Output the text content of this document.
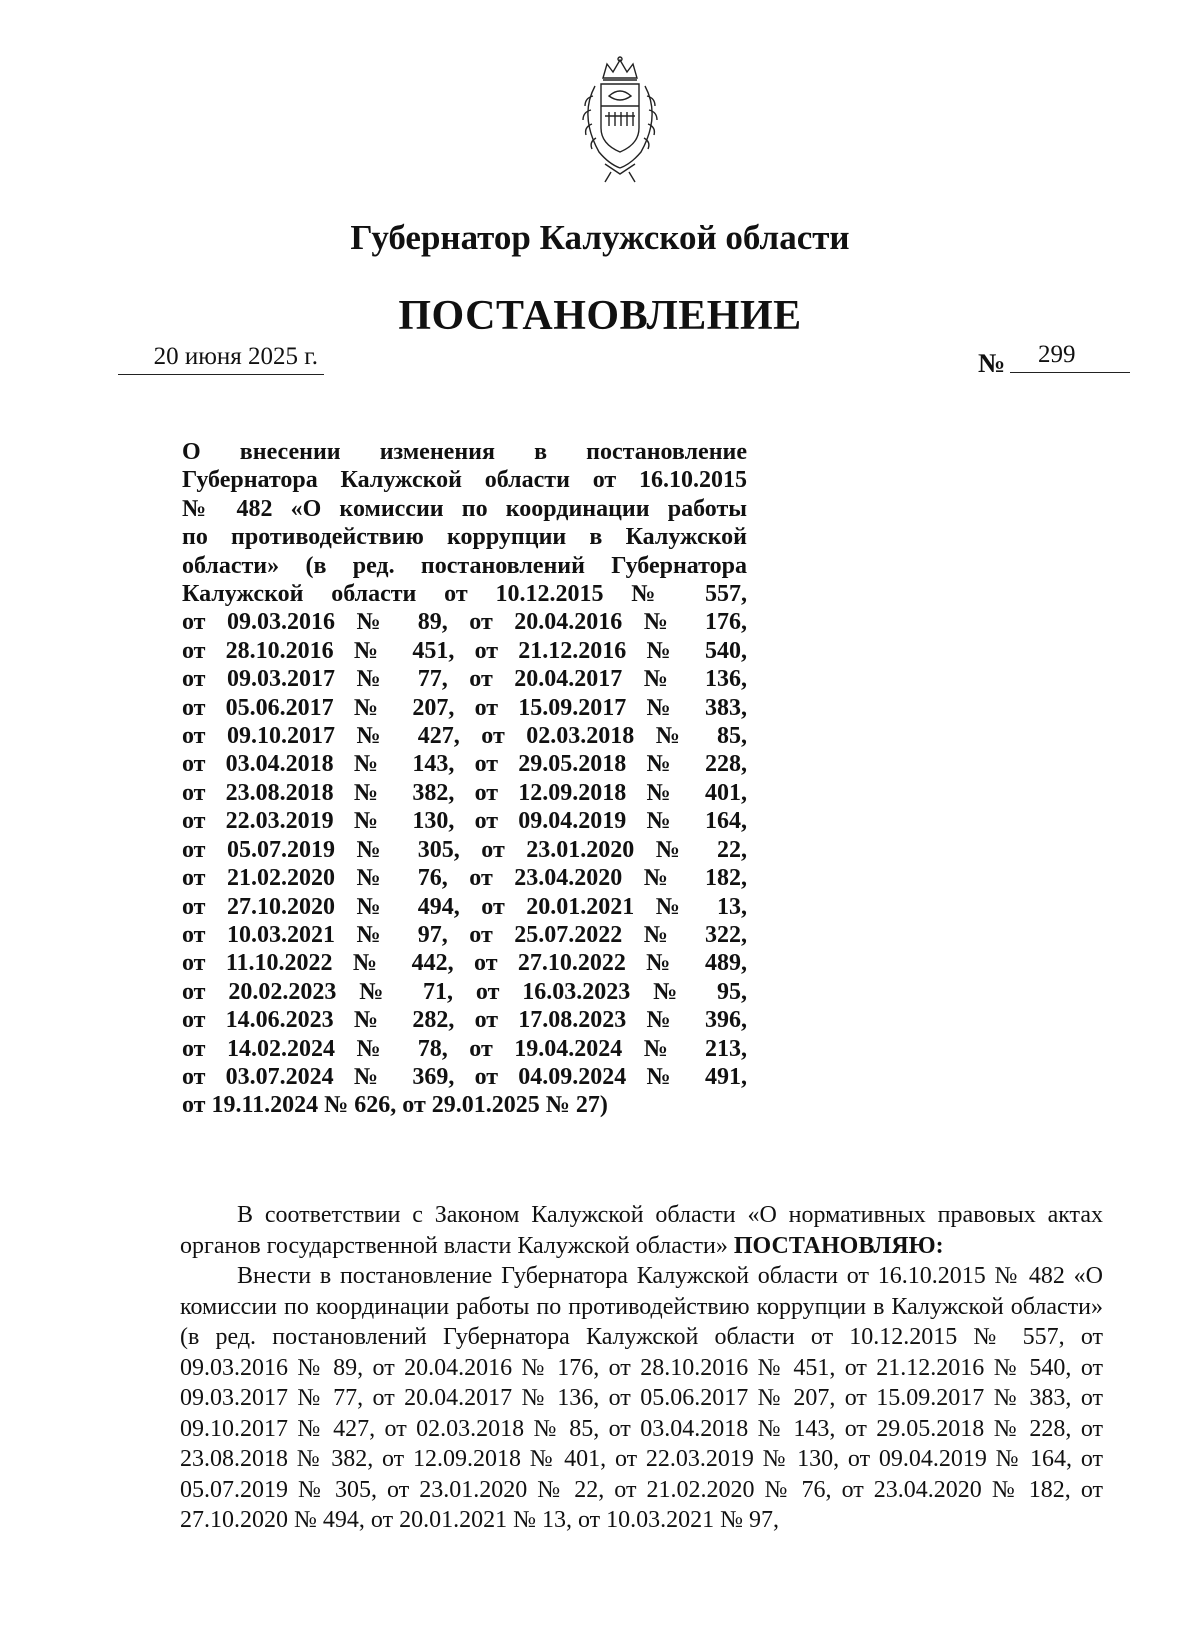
Губернатор Калужской области
ПОСТАНОВЛЕНИЕ
20 июня 2025 г.	№ 299
О внесении изменения в постановление
Губернатора Калужской области от 16.10.2015
№ 482 «О комиссии по координации работы
по противодействию коррупции в Калужской
области» (в ред. постановлений Губернатора
Калужской области от 10.12.2015 № 557,
от 09.03.2016 № 89, от 20.04.2016 № 176,
от 28.10.2016 № 451, от 21.12.2016 № 540,
от 09.03.2017 № 77, от 20.04.2017 № 136,
от 05.06.2017 № 207, от 15.09.2017 № 383,
от 09.10.2017 № 427, от 02.03.2018 № 85,
от 03.04.2018 № 143, от 29.05.2018 № 228,
от 23.08.2018 № 382, от 12.09.2018 № 401,
от 22.03.2019 № 130, от 09.04.2019 № 164,
от 05.07.2019 № 305, от 23.01.2020 № 22,
от 21.02.2020 № 76, от 23.04.2020 № 182,
от 27.10.2020 № 494, от 20.01.2021 № 13,
от 10.03.2021 № 97, от 25.07.2022 № 322,
от 11.10.2022 № 442, от 27.10.2022 № 489,
от 20.02.2023 № 71, от 16.03.2023 № 95,
от 14.06.2023 № 282, от 17.08.2023 № 396,
от 14.02.2024 № 78, от 19.04.2024 № 213,
от 03.07.2024 № 369, от 04.09.2024 № 491,
от 19.11.2024 № 626, от 29.01.2025 № 27)

В соответствии с Законом Калужской области «О нормативных правовых актах органов государственной власти Калужской области» ПОСТАНОВЛЯЮ:

Внести в постановление Губернатора Калужской области от 16.10.2015 № 482 «О комиссии по координации работы по противодействию коррупции в Калужской области» (в ред. постановлений Губернатора Калужской области от 10.12.2015 № 557, от 09.03.2016 № 89, от 20.04.2016 № 176, от 28.10.2016 № 451, от 21.12.2016 № 540, от 09.03.2017 № 77, от 20.04.2017 № 136, от 05.06.2017 № 207, от 15.09.2017 № 383, от 09.10.2017 № 427, от 02.03.2018 № 85, от 03.04.2018 № 143, от 29.05.2018 № 228, от 23.08.2018 № 382, от 12.09.2018 № 401, от 22.03.2019 № 130, от 09.04.2019 № 164, от 05.07.2019 № 305, от 23.01.2020 № 22, от 21.02.2020 № 76, от 23.04.2020 № 182, от 27.10.2020 № 494, от 20.01.2021 № 13, от 10.03.2021 № 97,
